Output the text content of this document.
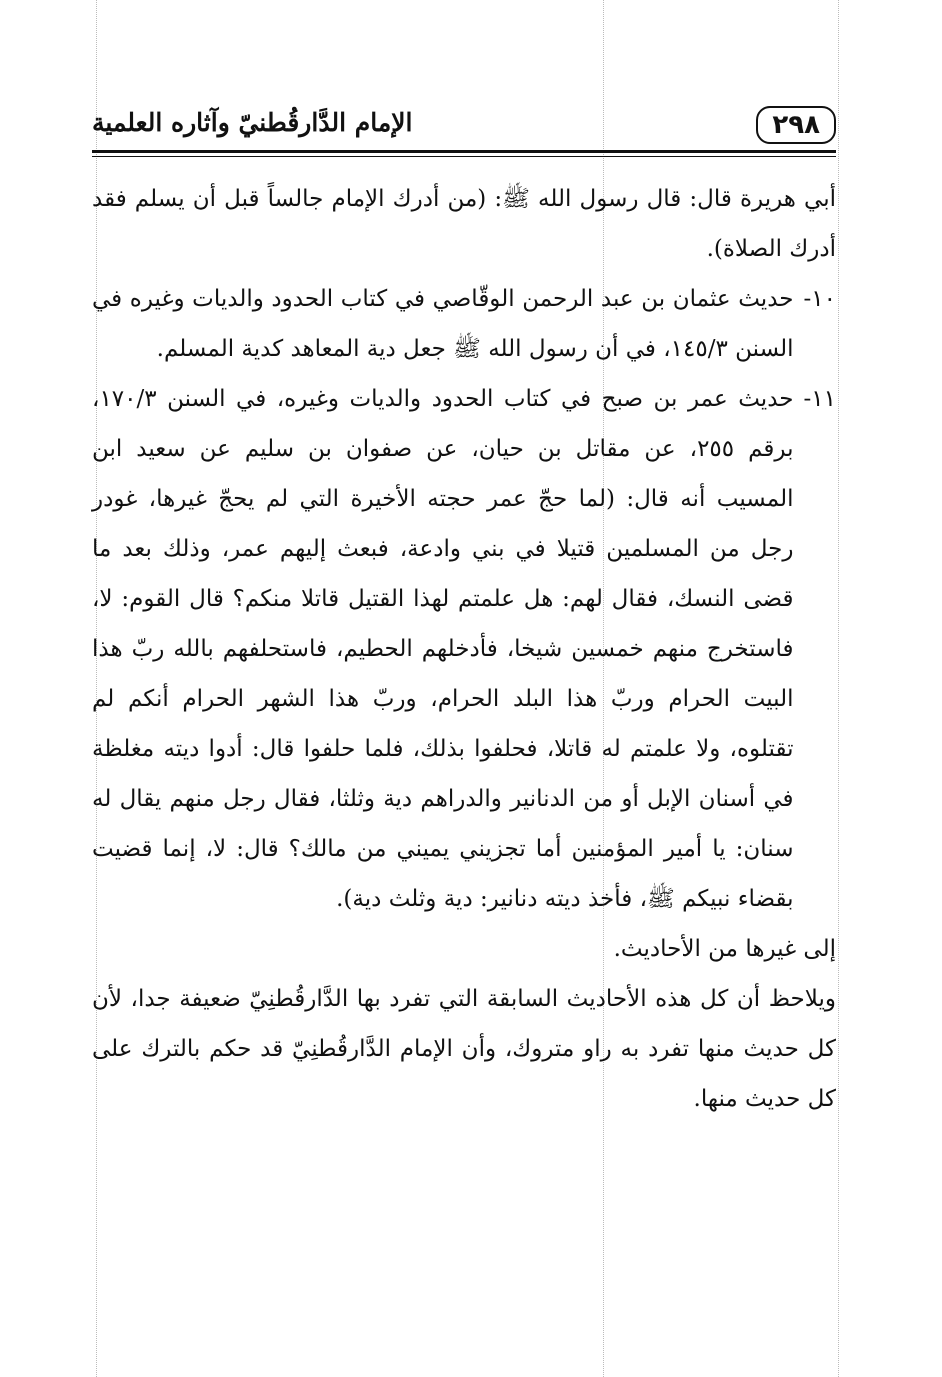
٢٩٨
الإمام الدَّارقُطنيّ وآثاره العلمية

أبي هريرة قال: قال رسول الله ﷺ: (من أدرك الإمام جالساً قبل أن يسلم فقد أدرك الصلاة).

١٠-
حديث عثمان بن عبد الرحمن الوقّاصي في كتاب الحدود والديات وغيره في السنن ١٤٥/٣، في أن رسول الله ﷺ جعل دية المعاهد كدية المسلم.
١١-
حديث عمر بن صبح في كتاب الحدود والديات وغيره، في السنن ١٧٠/٣، برقم ٢٥٥، عن مقاتل بن حيان، عن صفوان بن سليم عن سعيد ابن المسيب أنه قال: (لما حجّ عمر حجته الأخيرة التي لم يحجّ غيرها، غودر رجل من المسلمين قتيلا في بني وادعة، فبعث إليهم عمر، وذلك بعد ما قضى النسك، فقال لهم: هل علمتم لهذا القتيل قاتلا منكم؟ قال القوم: لا، فاستخرج منهم خمسين شيخا، فأدخلهم الحطيم، فاستحلفهم بالله ربّ هذا البيت الحرام وربّ هذا البلد الحرام، وربّ هذا الشهر الحرام أنكم لم تقتلوه، ولا علمتم له قاتلا، فحلفوا بذلك، فلما حلفوا قال: أدوا ديته مغلظة في أسنان الإبل أو من الدنانير والدراهم دية وثلثا، فقال رجل منهم يقال له سنان: يا أمير المؤمنين أما تجزيني يميني من مالك؟ قال: لا، إنما قضيت بقضاء نبيكم ﷺ، فأخذ ديته دنانير: دية وثلث دية).

إلى غيرها من الأحاديث.

ويلاحظ أن كل هذه الأحاديث السابقة التي تفرد بها الدَّارقُطنِيّ ضعيفة جدا، لأن كل حديث منها تفرد به راو متروك، وأن الإمام الدَّارقُطنِيّ قد حكم بالترك على كل حديث منها.
